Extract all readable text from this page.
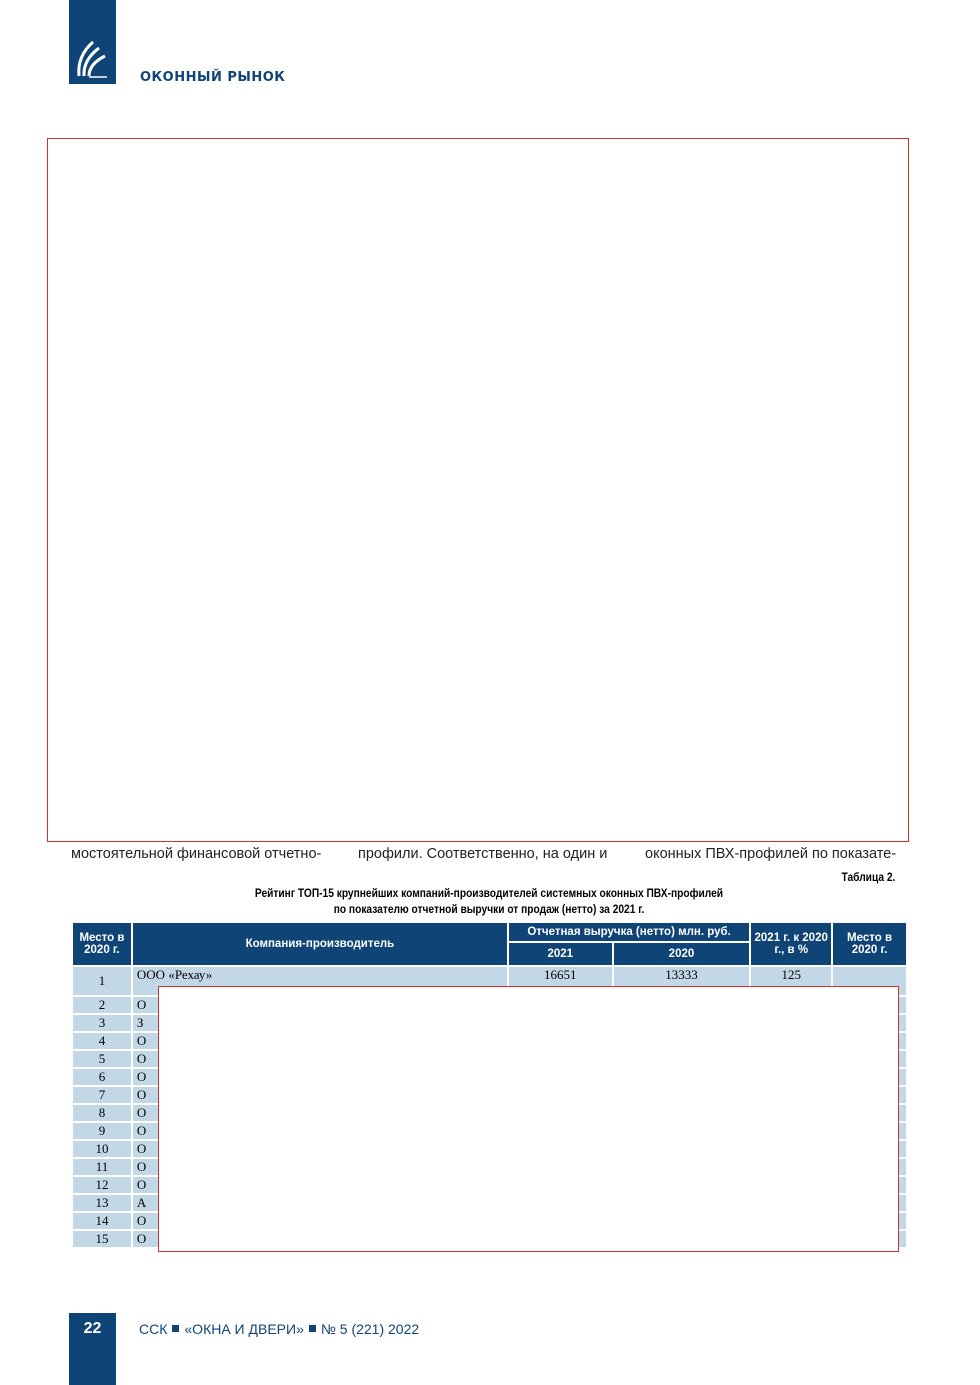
ОКОННЫЙ РЫНОК
мостоятельной финансовой отчетно-	профили. Соответственно, на один и	оконных ПВХ-профилей по показате-
Таблица 2.
Рейтинг ТОП-15 крупнейших компаний-производителей системных оконных ПВХ-профилей
по показателю отчетной выручки от продаж (нетто) за 2021 г.
Место в 2020 г.	Компания-производитель	Отчетная выручка (нетто) млн. руб.		2021 г. к 2020 г., в %	Место в 2020 г.
		2021	2020		
1	ООО «Рехау»	16651	13333	125	
2	О				
3	З				
4	О				
5	О				
6	О				
7	О				
8	О				
9	О				
10	О				
11	О				
12	О				
13	А				
14	О				
15	О				
22	ССК «ОКНА И ДВЕРИ» № 5 (221) 2022
